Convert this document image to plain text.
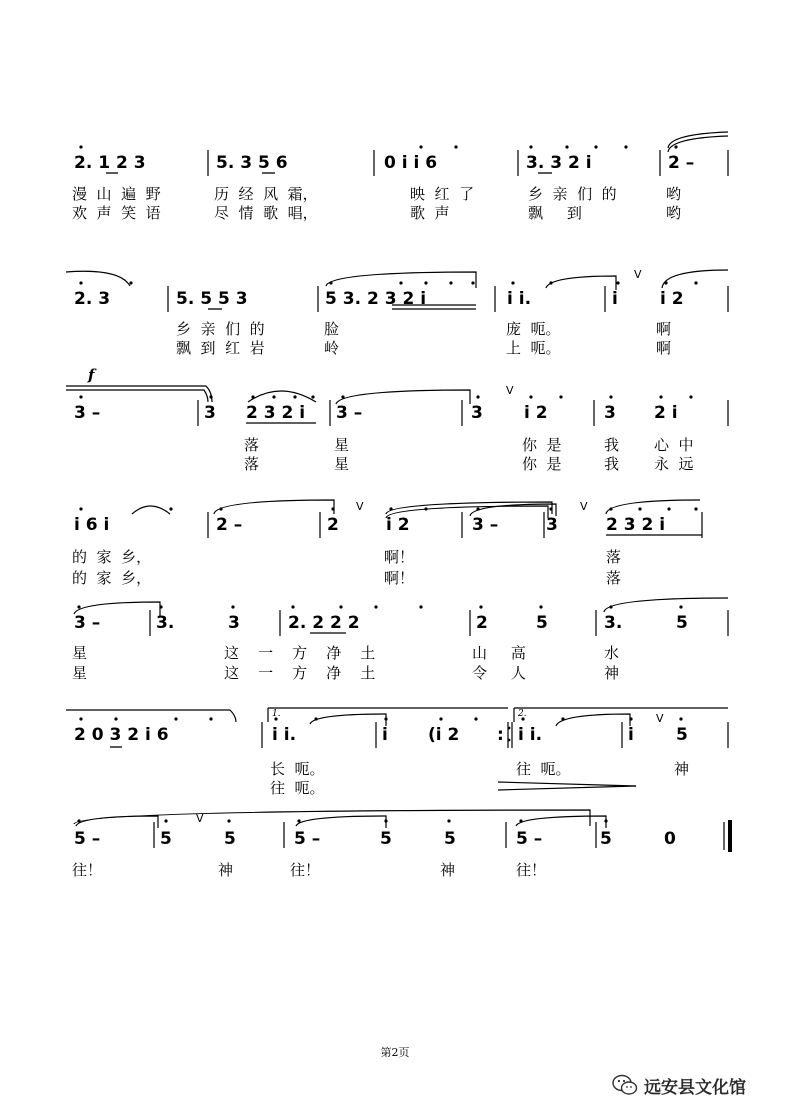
2. 1 2 3	5. 3 5 6	0 i i 6	3. 3 2 i	2 –
漫  山  遍  野	历  经  风  霜，	映  红  了	乡  亲  们  的	哟
欢  声  笑  语	尽  情  歌  唱，	歌  声	飘     到	哟
2. 3	5. 5 5 3	5 3. 2 3 2 i	i i.	i i 2
V
乡  亲  们  的	脸	庞  呃。	啊
飘  到  红  岩	岭	上  呃。	啊
f
3 –	3 2 3 2 i 3 –	3 i 2	3 2 i
V
落	星	你  是	我 心  中
落	星	你  是	我 永  远
i 6 i	2 –	2	i 2	3 –	3	2 3 2 i
V	V
的  家  乡，	啊！	落
的  家  乡，	啊！	落
3 –	3.	3	2. 2 2 2	2	5	3.	5
星	这    一    方    净    土	山     高	水
星	这    一    方    净    土	令     人	神
1.	2.
2 0 3 2 i 6	i i.	i (i 2 : i i.	i 5
V
长  呃。	往  呃。	神
往  呃。
5 –	5	5	5 –	5	5	5 –	5	0
V
往！	神	往！	神	往！
第2页
远安县文化馆
